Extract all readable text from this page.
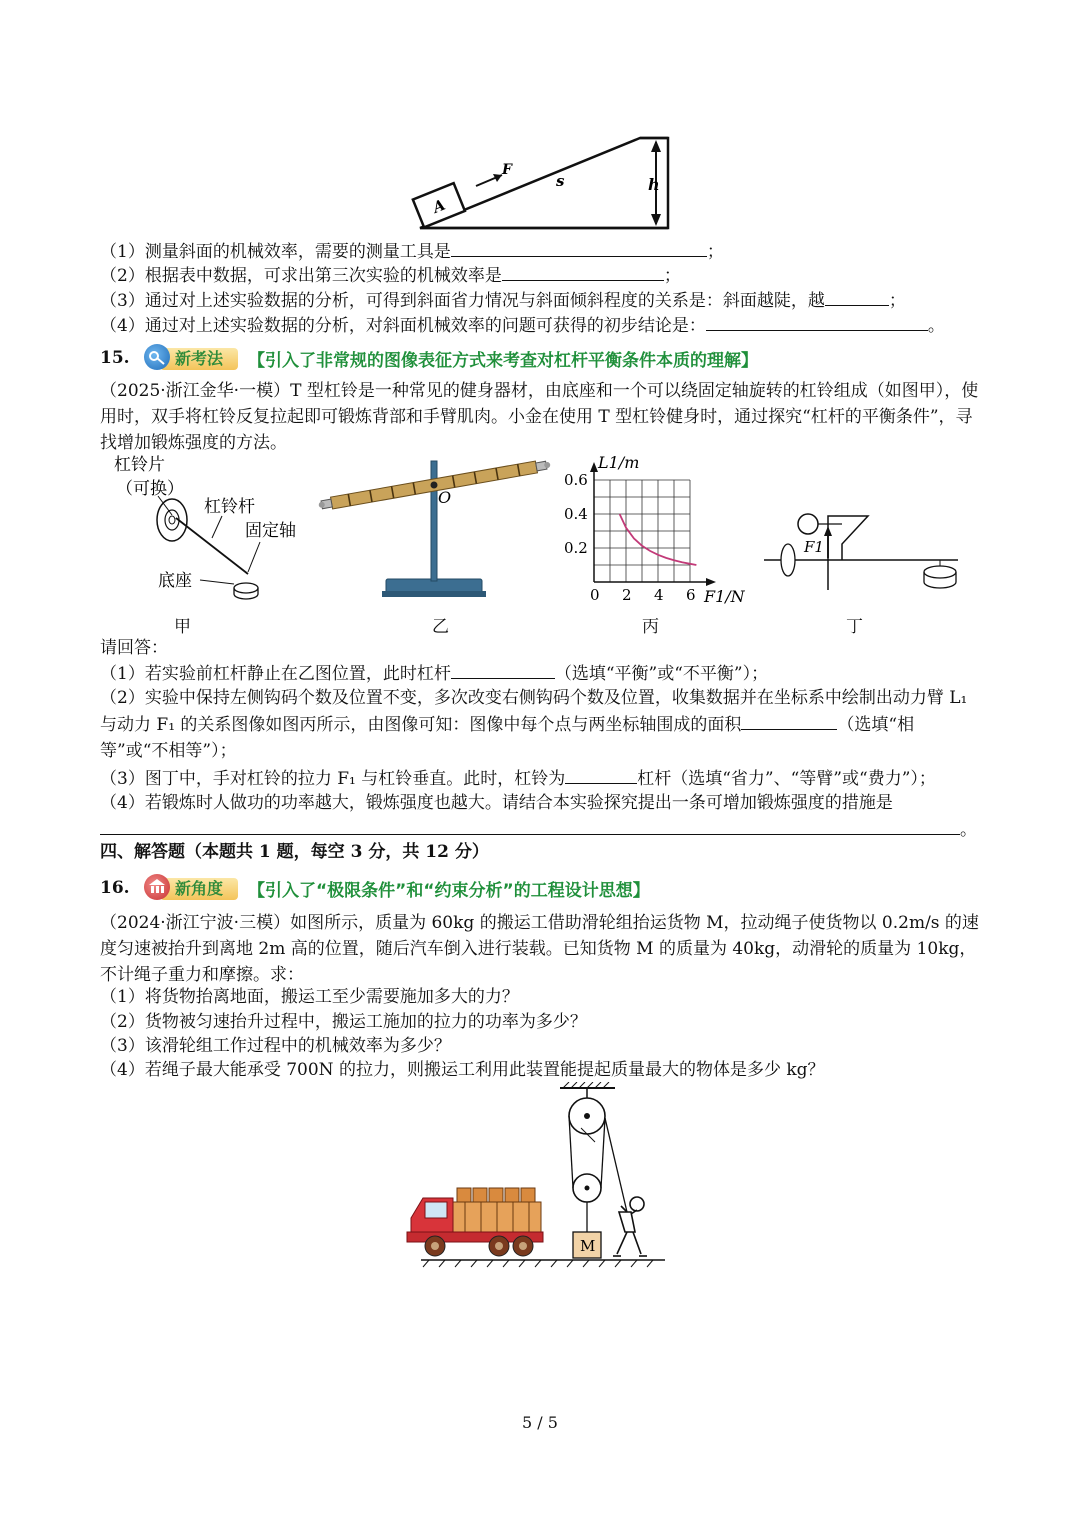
A
F
s	h
（1）测量斜面的机械效率，需要的测量工具是	；
（2）根据表中数据，可求出第三次实验的机械效率是	；
（3）通过对上述实验数据的分析，可得到斜面省力情况与斜面倾斜程度的关系是：斜面越陡，越	；
（4）通过对上述实验数据的分析，对斜面机械效率的问题可获得的初步结论是：	。
15.	新考法	【引入了非常规的图像表征方式来考查对杠杆平衡条件本质的理解】
（2025·浙江金华·一模）T 型杠铃是一种常见的健身器材，由底座和一个可以绕固定轴旋转的杠铃组成（如图甲），使用时，双手将杠铃反复拉起即可锻炼背部和手臂肌肉。小金在使用 T 型杠铃健身时，通过探究“杠杆的平衡条件”，寻找增加锻炼强度的方法。
杠铃片
（可换）
杠铃杆
固定轴
底座
O
L1/m
F1/N
0 2 4 6
0.2
0.4
0.6
F1
甲	乙	丙	丁
请回答：
（1）若实验前杠杆静止在乙图位置，此时杠杆	（选填“平衡”或“不平衡”）；
（2）实验中保持左侧钩码个数及位置不变，多次改变右侧钩码个数及位置，收集数据并在坐标系中绘制出动力臂 L₁ 与动力 F₁ 的关系图像如图丙所示，由图像可知：图像中每个点与两坐标轴围成的面积	（选填“相等”或“不相等”）；
（3）图丁中，手对杠铃的拉力 F₁ 与杠铃垂直。此时，杠铃为	杠杆（选填“省力”、“等臂”或“费力”）；
（4）若锻炼时人做功的功率越大，锻炼强度也越大。请结合本实验探究提出一条可增加锻炼强度的措施是。
四、解答题（本题共 1 题，每空 3 分，共 12 分）
16.	新角度	【引入了“极限条件”和“约束分析”的工程设计思想】
（2024·浙江宁波·三模）如图所示，质量为 60kg 的搬运工借助滑轮组抬运货物 M，拉动绳子使货物以 0.2m/s 的速度匀速被抬升到离地 2m 高的位置，随后汽车倒入进行装载。已知货物 M 的质量为 40kg，动滑轮的质量为 10kg，不计绳子重力和摩擦。求：
（1）将货物抬离地面，搬运工至少需要施加多大的力？
（2）货物被匀速抬升过程中，搬运工施加的拉力的功率为多少？
（3）该滑轮组工作过程中的机械效率为多少？
（4）若绳子最大能承受 700N 的拉力，则搬运工利用此装置能提起质量最大的物体是多少 kg？
M
5 / 5
